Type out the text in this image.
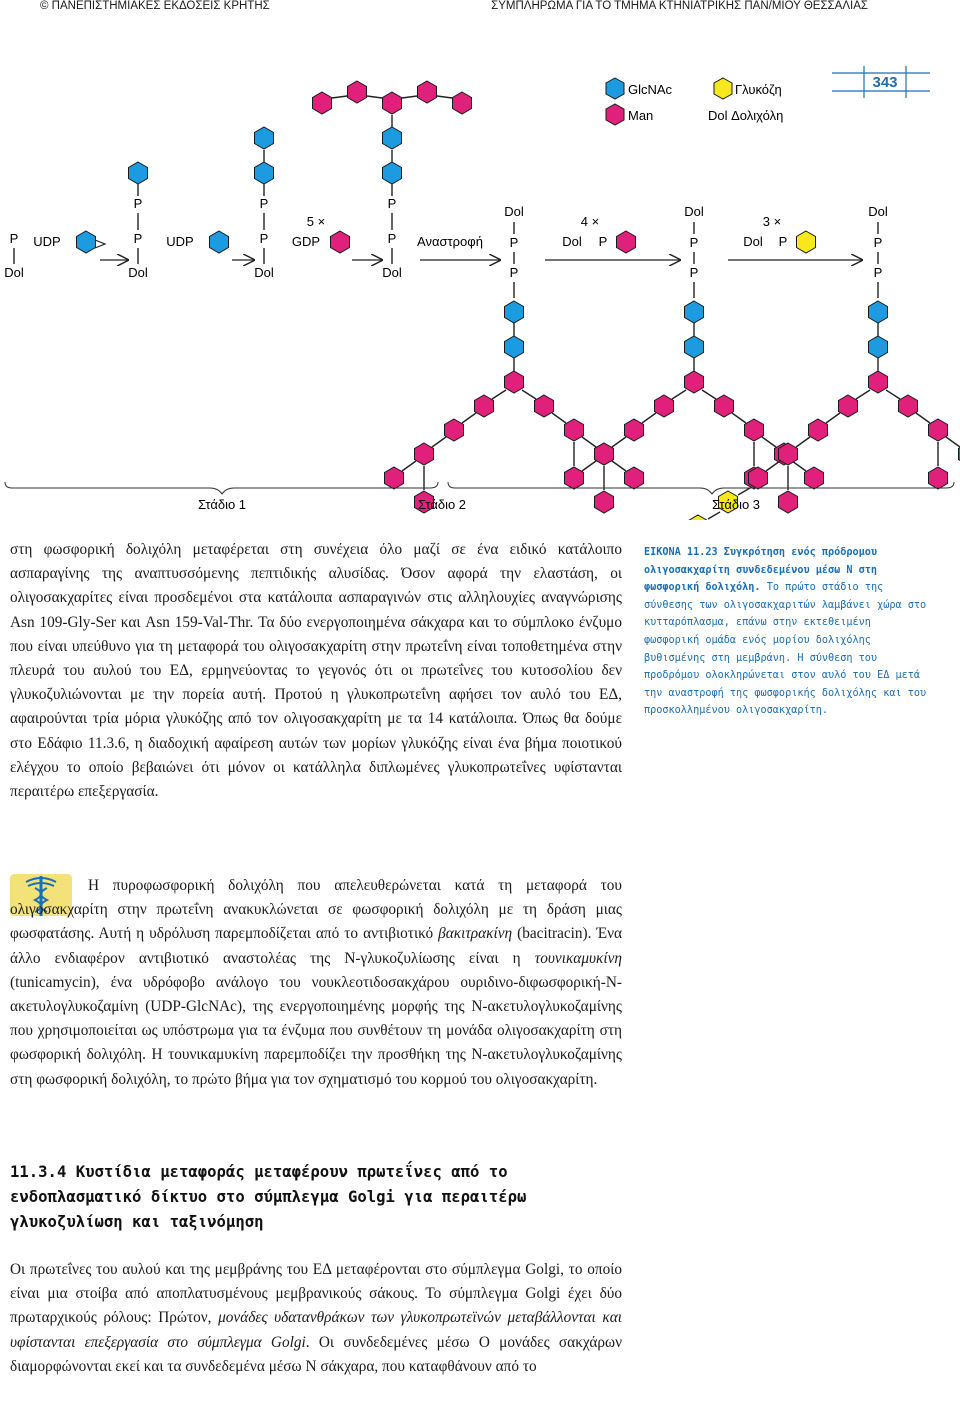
© ΠΑΝΕΠΙΣΤΗΜΙΑΚΕΣ ΕΚΔΟΣΕΙΣ ΚΡΗΤΗΣ	ΣΥΜΠΛΗΡΩΜΑ ΓΙΑ ΤΟ ΤΜΗΜΑ ΚΤΗΝΙΑΤΡΙΚΗΣ ΠΑΝ/ΜΙΟΥ ΘΕΣΣΑΛΙΑΣ
343
GlcNAc	Γλυκόζη
Man	Dol Δολιχόλη
P
Dol
P
P
Dol
P
P
Dol
P
P
Dol
UDP	UDP
5 ×
GDP	Αναστροφή
Dol
P
P
Dol
P
P
Dol
P
P
4 ×
Dol P
3 ×
Dol P
Στάδιο 1	Στάδιο 2	Στάδιο 3

στη φωσφορική δολιχόλη μεταφέρεται στη συνέχεια όλο μαζί σε ένα ειδικό κατάλοιπο ασπαραγίνης της αναπτυσσόμενης πεπτιδικής αλυσίδας. Όσον αφορά την ελαστάση, οι ολιγοσακχαρίτες είναι προσδεμένοι στα κατάλοιπα ασπαραγινών στις αλληλουχίες αναγνώρισης Asn 109-Gly-Ser και Asn 159-Val-Thr. Τα δύο ενεργοποιημένα σάκχαρα και το σύμπλοκο ένζυμο που είναι υπεύθυνο για τη μεταφορά του ολιγοσακχαρίτη στην πρωτεΐνη είναι τοποθετημένα στην πλευρά του αυλού του ΕΔ, ερμηνεύοντας το γεγονός ότι οι πρωτεΐνες του κυτοσολίου δεν γλυκοζυλιώνονται με την πορεία αυτή. Προτού η γλυκοπρωτεΐνη αφήσει τον αυλό του ΕΔ, αφαιρούνται τρία μόρια γλυκόζης από τον ολιγοσακχαρίτη με τα 14 κατάλοιπα. Όπως θα δούμε στο Εδάφιο 11.3.6, η διαδοχική αφαίρεση αυτών των μορίων γλυκόζης είναι ένα βήμα ποιοτικού ελέγχου το οποίο βεβαιώνει ότι μόνον οι κατάλληλα διπλωμένες γλυκοπρωτεΐνες υφίστανται περαιτέρω επεξεργασία.

ΕΙΚΟΝΑ 11.23 Συγκρότηση ενός πρόδρομου ολιγοσακχαρίτη συνδεδεμένου μέσω N στη φωσφορική δολιχόλη. Το πρώτο στάδιο της σύνθεσης των ολιγοσακχαριτών λαμβάνει χώρα στο κυτταρόπλασμα, επάνω στην εκτεθειμένη φωσφορική ομάδα ενός μορίου δολιχόλης βυθισμένης στη μεμβράνη. Η σύνθεση του προδρόμου ολοκληρώνεται στον αυλό του ΕΔ μετά την αναστροφή της φωσφορικής δολιχόλης και του προσκολλημένου ολιγοσακχαρίτη.
Η πυροφωσφορική δολιχόλη που απελευθερώνεται κατά τη μεταφορά του ολιγοσακχαρίτη στην πρωτεΐνη ανακυκλώνεται σε φωσφορική δολιχόλη με τη δράση μιας φωσφατάσης. Αυτή η υδρόλυση παρεμποδίζεται από το αντιβιοτικό βακιτρακίνη (bacitracin). Ένα άλλο ενδιαφέρον αντιβιοτικό αναστολέας της N-γλυκοζυλίωσης είναι η τουνικαμυκίνη (tunicamycin), ένα υδρόφοβο ανάλογο του νουκλεοτιδοσακχάρου ουριδινο-διφωσφορική-N-ακετυλογλυκοζαμίνη (UDP-GlcNAc), της ενεργοποιημένης μορφής της N-ακετυλογλυκοζαμίνης που χρησιμοποιείται ως υπόστρωμα για τα ένζυμα που συνθέτουν τη μονάδα ολιγοσακχαρίτη στη φωσφορική δολιχόλη. Η τουνικαμυκίνη παρεμποδίζει την προσθήκη της N-ακετυλογλυκοζαμίνης στη φωσφορική δολιχόλη, το πρώτο βήμα για τον σχηματισμό του κορμού του ολιγοσακχαρίτη.
11.3.4 Κυστίδια μεταφοράς μεταφέρουν πρωτεΐνες από το ενδοπλασματικό δίκτυο στο σύμπλεγμα Golgi για περαιτέρω γλυκοζυλίωση και ταξινόμηση
Οι πρωτεΐνες του αυλού και της μεμβράνης του ΕΔ μεταφέρονται στο σύμπλεγμα Golgi, το οποίο είναι μια στοίβα από αποπλατυσμένους μεμβρανικούς σάκους. Το σύμπλεγμα Golgi έχει δύο πρωταρχικούς ρόλους: Πρώτον, μονάδες υδατανθράκων των γλυκοπρωτεϊνών μεταβάλλονται και υφίστανται επεξεργασία στο σύμπλεγμα Golgi. Οι συνδεδεμένες μέσω O μονάδες σακχάρων διαμορφώνονται εκεί και τα συνδεδεμένα μέσω N σάκχαρα, που καταφθάνουν από το
